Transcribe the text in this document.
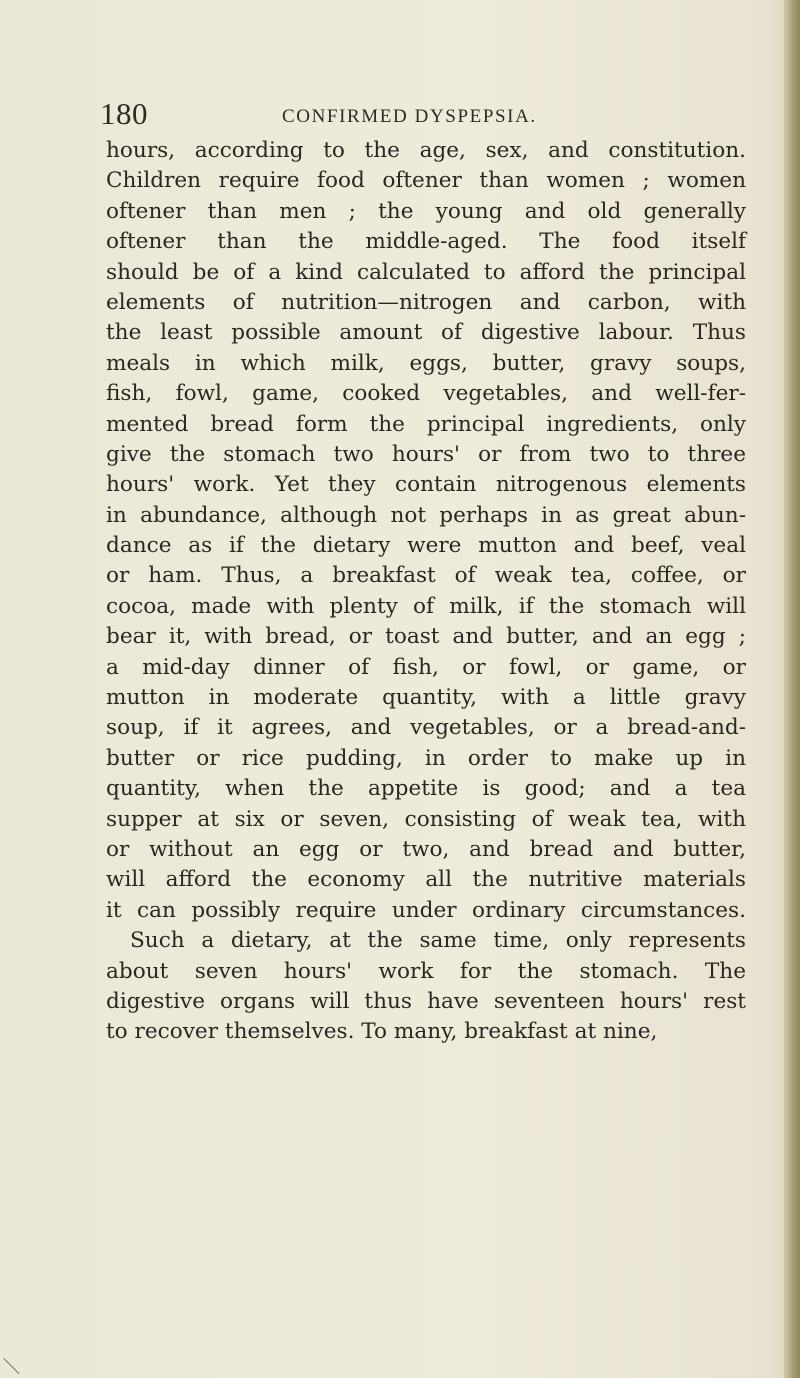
180	CONFIRMED DYSPEPSIA.
hours, according to the age, sex, and constitution.
Children require food oftener than women ; women
oftener than men ; the young and old generally
oftener than the middle-aged. The food itself
should be of a kind calculated to afford the principal
elements of nutrition—nitrogen and carbon, with
the least possible amount of digestive labour. Thus
meals in which milk, eggs, butter, gravy soups,
fish, fowl, game, cooked vegetables, and well-fer-
mented bread form the principal ingredients, only
give the stomach two hours' or from two to three
hours' work. Yet they contain nitrogenous elements
in abundance, although not perhaps in as great abun-
dance as if the dietary were mutton and beef, veal
or ham. Thus, a breakfast of weak tea, coffee, or
cocoa, made with plenty of milk, if the stomach will
bear it, with bread, or toast and butter, and an egg ;
a mid-day dinner of fish, or fowl, or game, or
mutton in moderate quantity, with a little gravy
soup, if it agrees, and vegetables, or a bread-and-
butter or rice pudding, in order to make up in
quantity, when the appetite is good; and a tea
supper at six or seven, consisting of weak tea, with
or without an egg or two, and bread and butter,
will afford the economy all the nutritive materials
it can possibly require under ordinary circumstances.
Such a dietary, at the same time, only represents
about seven hours' work for the stomach. The
digestive organs will thus have seventeen hours' rest
to recover themselves. To many, breakfast at nine,
